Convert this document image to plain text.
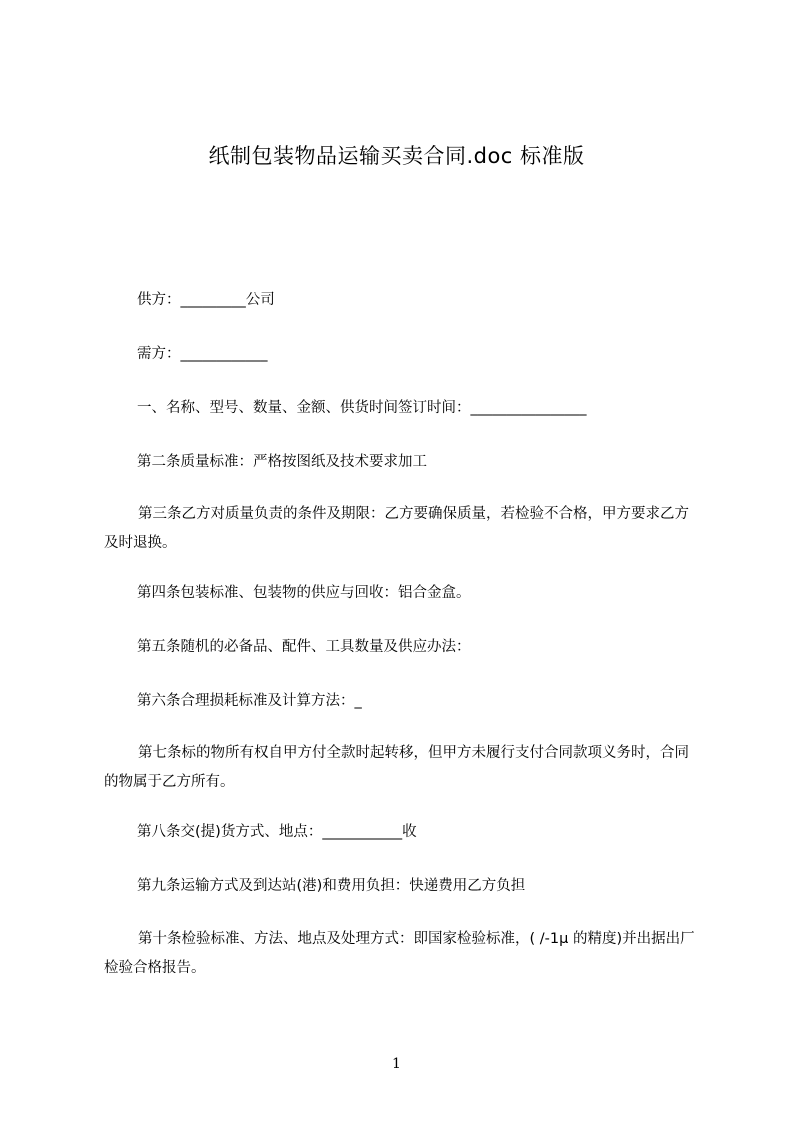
纸制包装物品运输买卖合同.doc 标准版
供方：_________公司
需方：____________
一、名称、型号、数量、金额、供货时间签订时间：________________
第二条质量标准：严格按图纸及技术要求加工
第三条乙方对质量负责的条件及期限：乙方要确保质量，若检验不合格，甲方要求乙方及时退换。
第四条包装标准、包装物的供应与回收：铝合金盒。
第五条随机的必备品、配件、工具数量及供应办法：
第六条合理损耗标准及计算方法：_
第七条标的物所有权自甲方付全款时起转移，但甲方未履行支付合同款项义务时，合同的物属于乙方所有。
第八条交(提)货方式、地点：___________收
第九条运输方式及到达站(港)和费用负担：快递费用乙方负担
第十条检验标准、方法、地点及处理方式：即国家检验标准，( /-1μ 的精度)并出据出厂检验合格报告。
1
